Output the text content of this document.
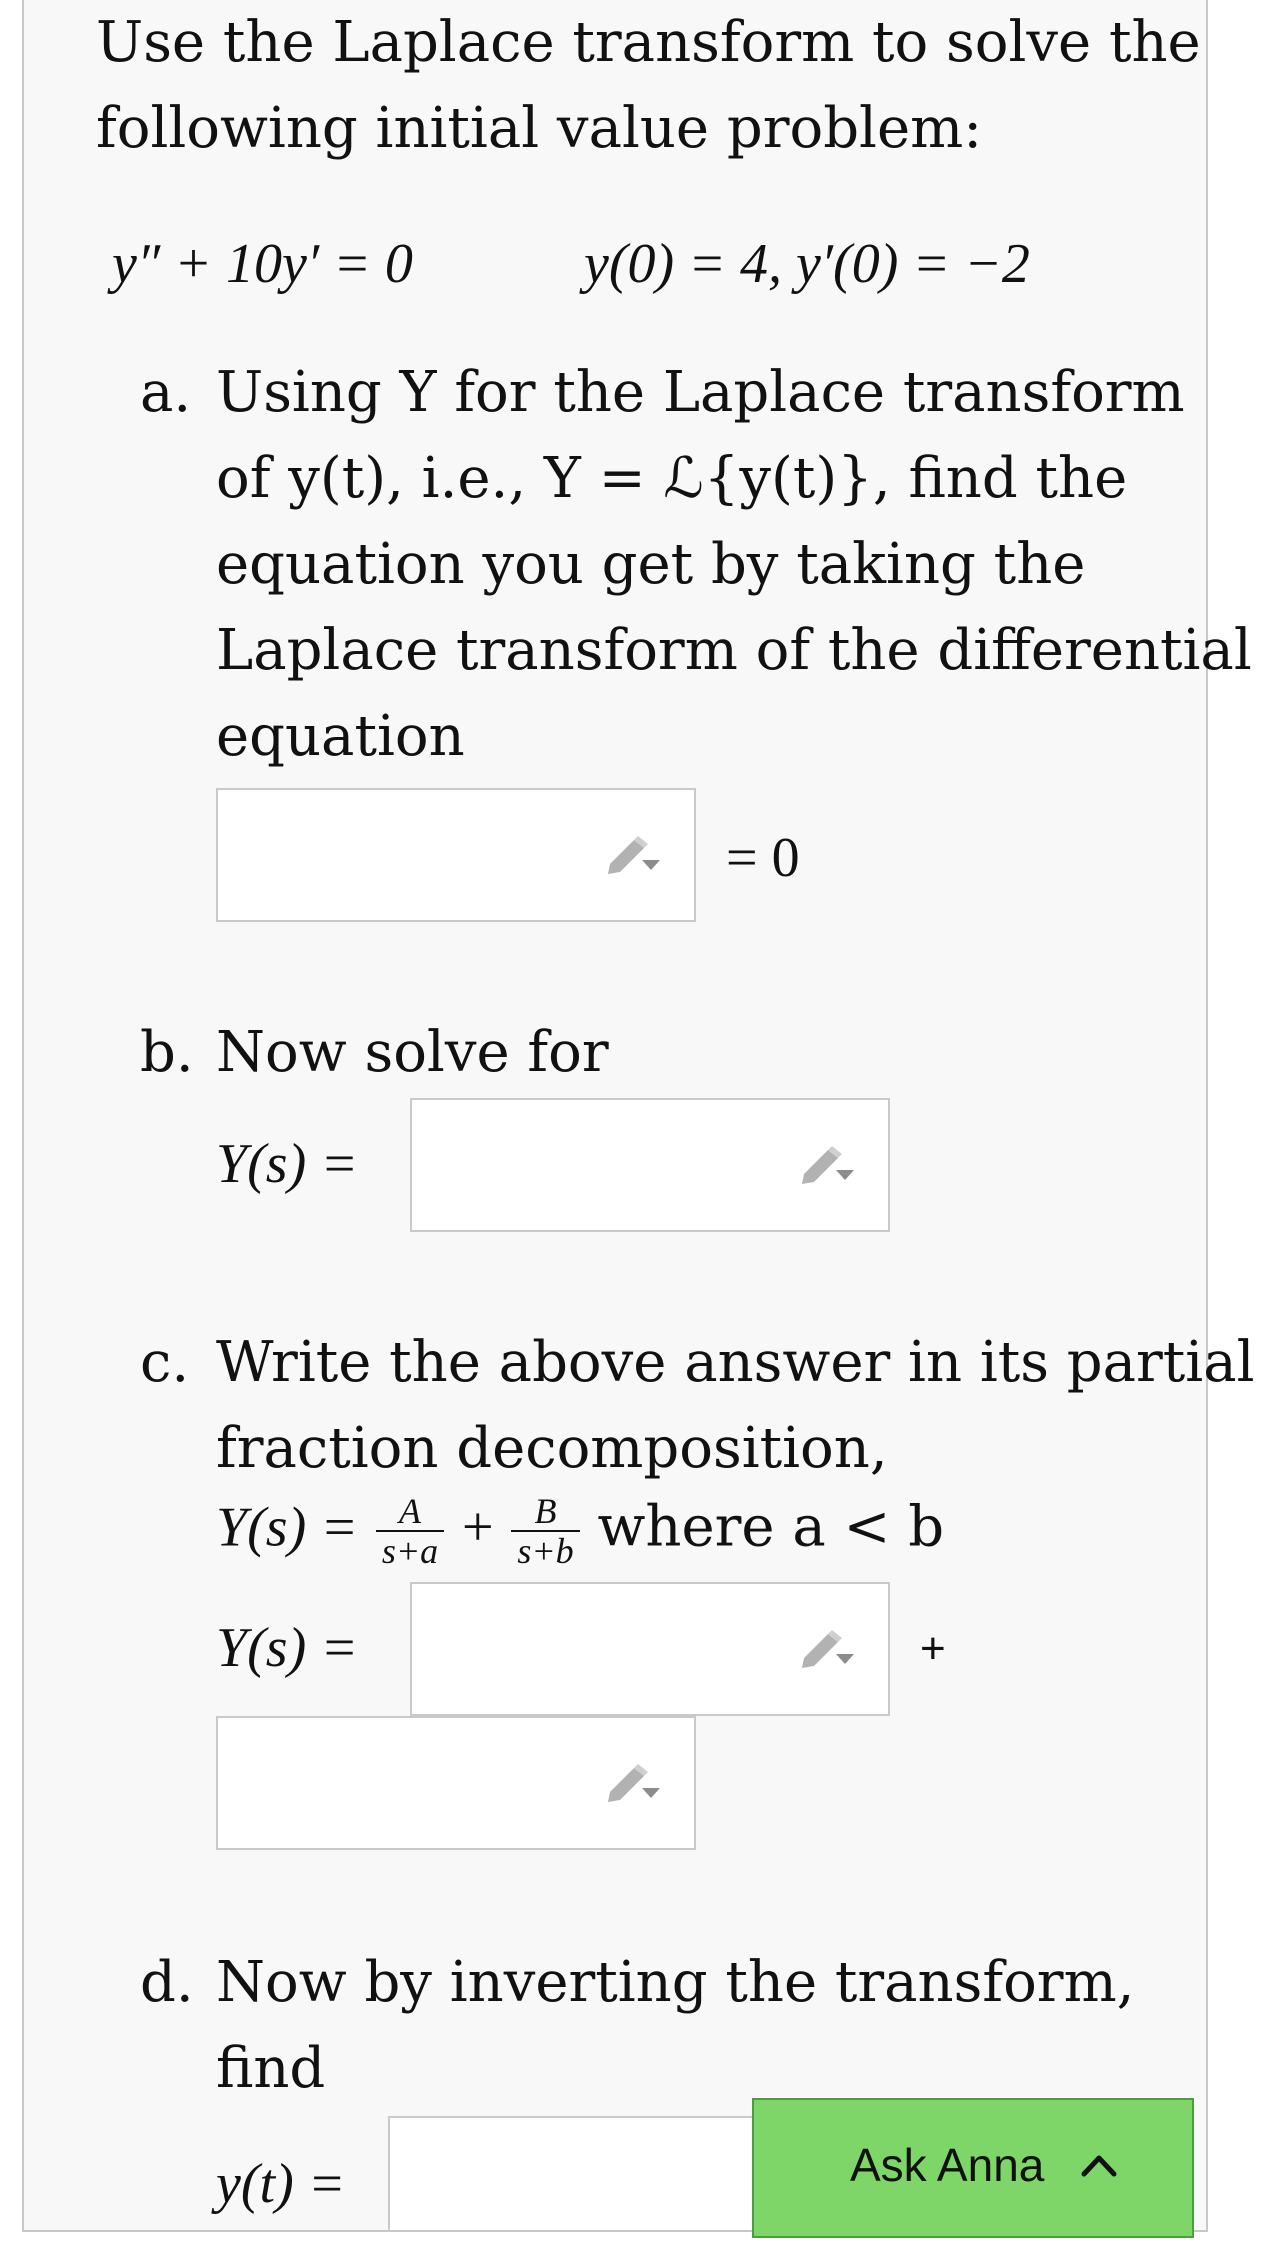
Use the Laplace transform to solve the
following initial value problem:
y″ + 10y′ = 0	y(0) = 4, y′(0) = −2
a. Using Y for the Laplace transform
of y(t), i.e., Y = ℒ{y(t)}, find the
equation you get by taking the
Laplace transform of the differential
equation
= 0
b. Now solve for
Y(s) =
c. Write the above answer in its partial
fraction decomposition,
$Y(s) = \frac{A}{s+a} + \frac{B}{s+b}$ where a < b
Y(s) =	+
d. Now by inverting the transform,
find
y(t) =	Ask Anna
